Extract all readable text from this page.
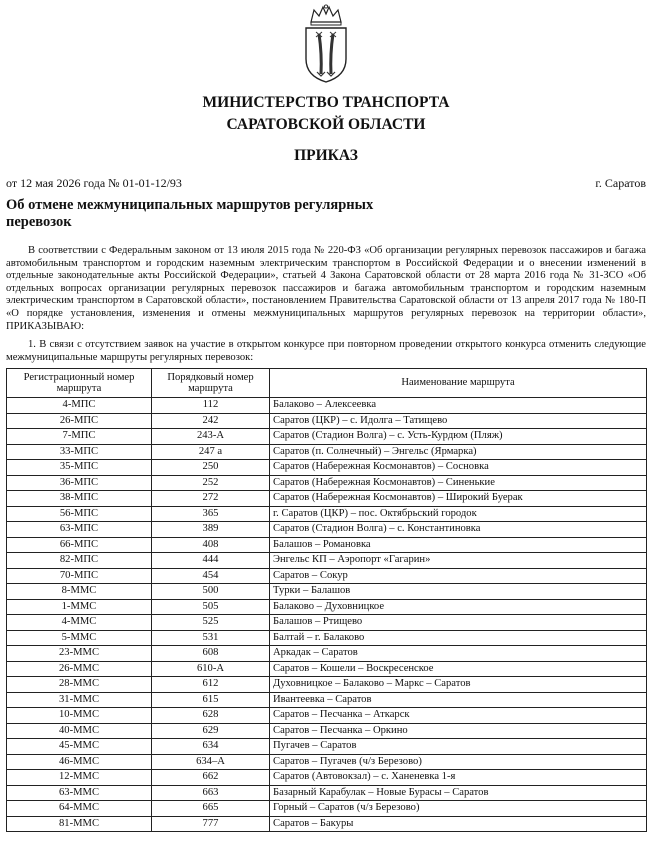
МИНИСТЕРСТВО ТРАНСПОРТА
САРАТОВСКОЙ ОБЛАСТИ
ПРИКАЗ
от 12 мая 2026 года № 01-01-12/93	г. Саратов
Об отмене межмуниципальных маршрутов регулярных перевозок
В соответствии с Федеральным законом от 13 июля 2015 года № 220-ФЗ «Об организации регулярных перевозок пассажиров и багажа автомобильным транспортом и городским наземным электрическим транспортом в Российской Федерации и о внесении изменений в отдельные законодательные акты Российской Федерации», статьей 4 Закона Саратовской области от 28 марта 2016 года № 31-ЗСО «Об отдельных вопросах организации регулярных перевозок пассажиров и багажа автомобильным транспортом и городским наземным электрическим транспортом в Саратовской области», постановлением Правительства Саратовской области от 13 апреля 2017 года № 180-П «О порядке установления, изменения и отмены межмуниципальных маршрутов регулярных перевозок на территории области», ПРИКАЗЫВАЮ:
1. В связи с отсутствием заявок на участие в открытом конкурсе при повторном проведении открытого конкурса отменить следующие межмуниципальные маршруты регулярных перевозок:
Регистрационный номер маршрута	Порядковый номер маршрута	Наименование маршрута
4-МПС	112	Балаково – Алексеевка
26-МПС	242	Саратов (ЦКР) – с. Идолга – Татищево
7-МПС	243-А	Саратов (Стадион Волга) – с. Усть-Курдюм (Пляж)
33-МПС	247 а	Саратов (п. Солнечный) – Энгельс (Ярмарка)
35-МПС	250	Саратов (Набережная Космонавтов) – Сосновка
36-МПС	252	Саратов (Набережная Космонавтов) – Синенькие
38-МПС	272	Саратов (Набережная Космонавтов) – Широкий Буерак
56-МПС	365	г. Саратов (ЦКР) – пос. Октябрьский городок
63-МПС	389	Саратов (Стадион Волга) – с. Константиновка
66-МПС	408	Балашов – Романовка
82-МПС	444	Энгельс КП – Аэропорт «Гагарин»
70-МПС	454	Саратов – Сокур
8-ММС	500	Турки – Балашов
1-ММС	505	Балаково – Духовницкое
4-ММС	525	Балашов – Ртищево
5-ММС	531	Балтай – г. Балаково
23-ММС	608	Аркадак – Саратов
26-ММС	610-А	Саратов – Кошели – Воскресенское
28-ММС	612	Духовницкое – Балаково – Маркс – Саратов
31-ММС	615	Ивантеевка – Саратов
10-ММС	628	Саратов – Песчанка – Аткарск
40-ММС	629	Саратов – Песчанка – Оркино
45-ММС	634	Пугачев – Саратов
46-ММС	634–А	Саратов – Пугачев (ч/з Березово)
12-ММС	662	Саратов (Автовокзал) – с. Ханеневка 1-я
63-ММС	663	Базарный Карабулак – Новые Бурасы – Саратов
64-ММС	665	Горный – Саратов (ч/з Березово)
81-ММС	777	Саратов – Бакуры
